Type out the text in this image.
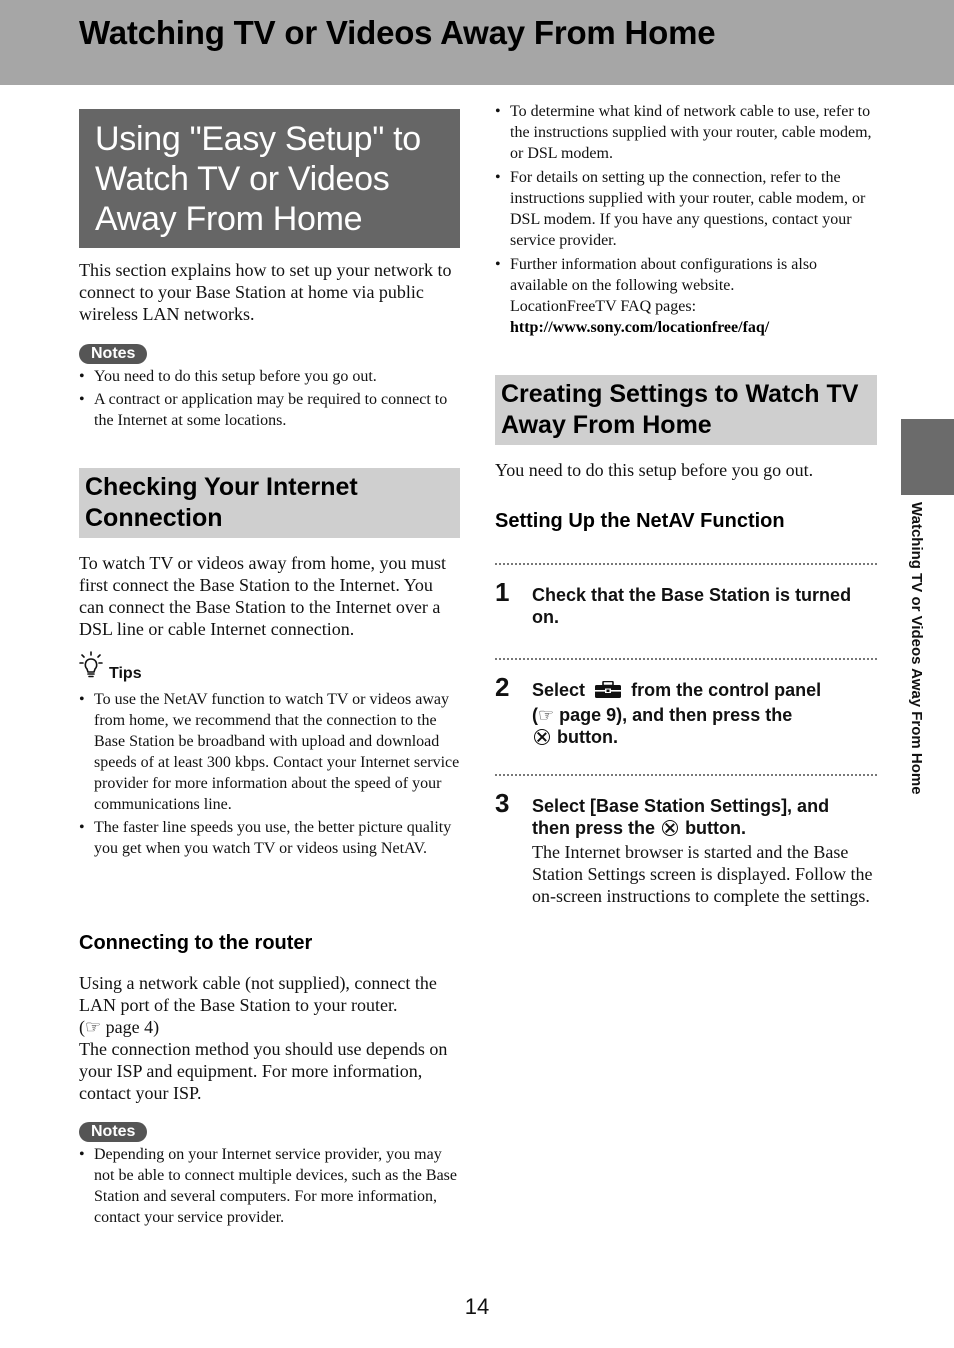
Watching TV or Videos Away From Home
Watching TV or Videos Away From Home
Using "Easy Setup" to
Watch TV or Videos
Away From Home
This section explains how to set up your network to connect to your Base Station at home via public wireless LAN networks.
Notes
• You need to do this setup before you go out.
• A contract or application may be required to connect to the Internet at some locations.
Checking Your Internet
Connection
To watch TV or videos away from home, you must first connect the Base Station to the Internet. You can connect the Base Station to the Internet over a DSL line or cable Internet connection.
Tips
• To use the NetAV function to watch TV or videos away from home, we recommend that the connection to the Base Station be broadband with upload and download speeds of at least 300 kbps. Contact your Internet service provider for more information about the speed of your communications line.
• The faster line speeds you use, the better picture quality you get when you watch TV or videos using NetAV.
Connecting to the router
Using a network cable (not supplied), connect the LAN port of the Base Station to your router.
(☞ page 4)
The connection method you should use depends on your ISP and equipment. For more information, contact your ISP.
Notes
• Depending on your Internet service provider, you may not be able to connect multiple devices, such as the Base Station and several computers. For more information, contact your service provider.
• To determine what kind of network cable to use, refer to the instructions supplied with your router, cable modem, or DSL modem.
• For details on setting up the connection, refer to the instructions supplied with your router, cable modem, or DSL modem. If you have any questions, contact your service provider.
• Further information about configurations is also available on the following website.
LocationFreeTV FAQ pages:
http://www.sony.com/locationfree/faq/
Creating Settings to Watch TV
Away From Home
You need to do this setup before you go out.
Setting Up the NetAV Function
1 Check that the Base Station is turned on.
2 Select	from the control panel
(☞ page 9), and then press the
button.
3 Select [Base Station Settings], and
then press the button.
The Internet browser is started and the Base Station Settings screen is displayed. Follow the on-screen instructions to complete the settings.
14
